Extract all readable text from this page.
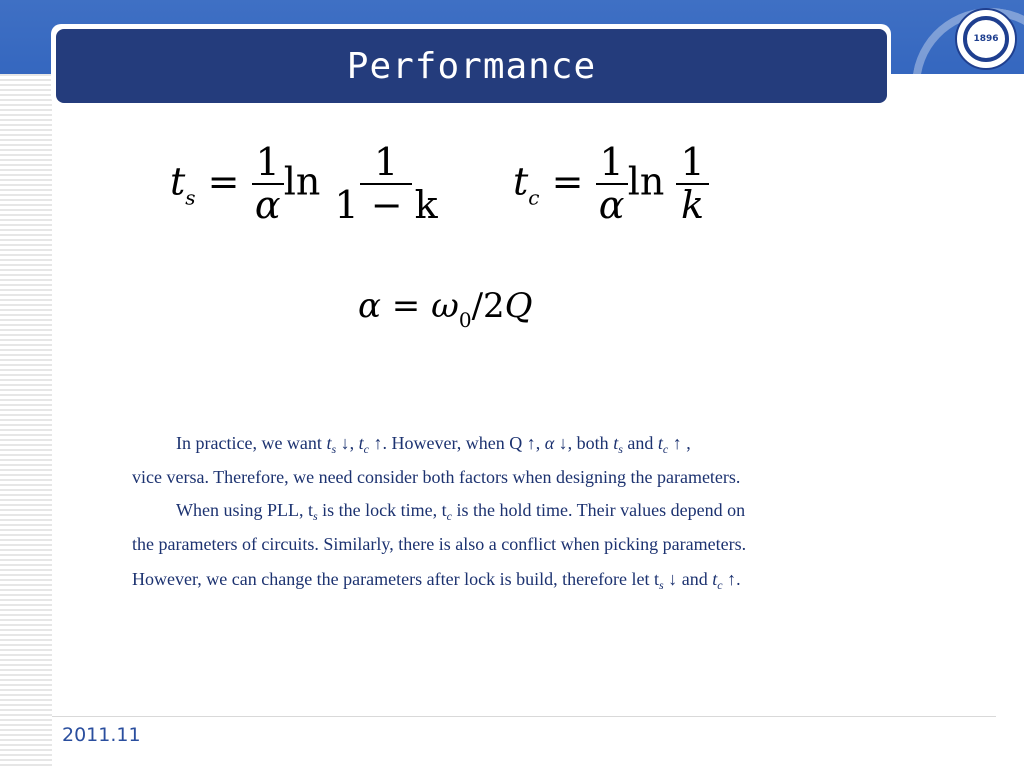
Performance
1896
$t_s = \frac{1}{\alpha}$ $\ln \frac{1}{1 - k} t_c = \frac{1}{\alpha}$ $\ln \frac{1}{k}$
$\alpha = \omega_0/2Q$
In practice, we want $t_s$ ↓, $t_c$ ↑. However, when Q ↑, α ↓, both $t_s$ and $t_c$ ↑ ,
vice versa. Therefore, we need consider both factors when designing the parameters.
When using PLL, $t_s$ is the lock time, $t_c$ is the hold time. Their values depend on
the parameters of circuits. Similarly, there is also a conflict when picking parameters.
However, we can change the parameters after lock is build, therefore let $t_s$ ↓ and $t_c$ ↑.
2011.11
